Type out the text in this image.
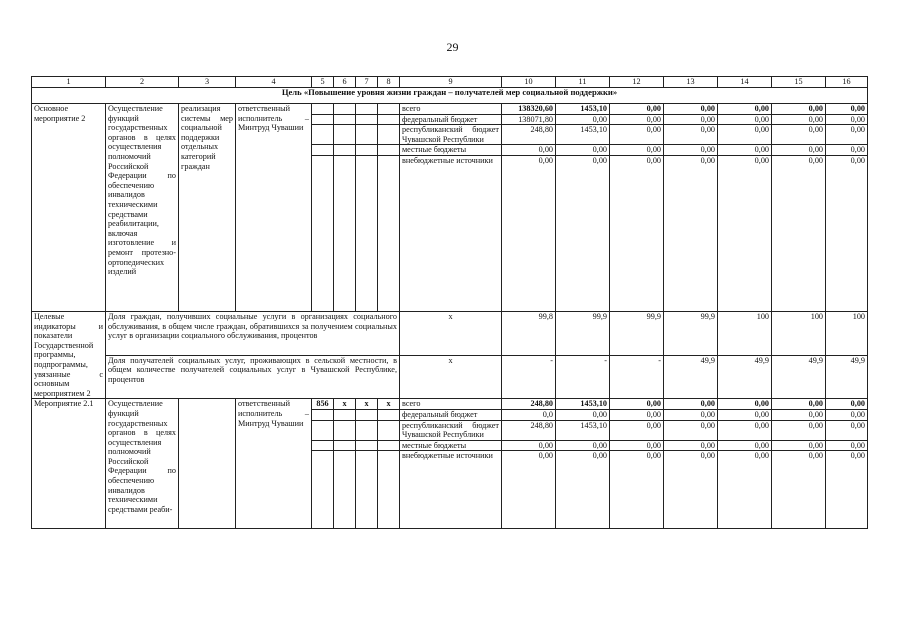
29
1	2	3	4	5	6	7	8	9	10	11	12	13	14	15	16
Цель «Повышение уровня жизни граждан – получателей мер социальной поддержки»															
Основное мероприятие 2	Осуществление функций государственных органов в целях осуществления полномочий Российской Федерации по обеспечению инвалидов техническими средствами реабилитации, включая изготовление и ремонт протезно-ортопедических изделий	реализация системы мер социальной поддержки отдельных категорий граждан	ответственный исполнитель – Минтруд Чувашии					всего	138320,60	1453,10	0,00	0,00	0,00	0,00	0,00
								федеральный бюджет	138071,80	0,00	0,00	0,00	0,00	0,00	0,00
								республиканский бюджет Чувашской Республики	248,80	1453,10	0,00	0,00	0,00	0,00	0,00
								местные бюджеты	0,00	0,00	0,00	0,00	0,00	0,00	0,00
								внебюджетные источники	0,00	0,00	0,00	0,00	0,00	0,00	0,00
Целевые индикаторы и показатели Государственной программы, подпрограммы, увязанные с основным мероприятием 2	Доля граждан, получивших социальные услуги в организациях социального обслуживания, в общем числе граждан, обратившихся за получением социальных услуг в организации социального обслуживания, процентов							x	99,8	99,9	99,9	99,9	100	100	100
	Доля получателей социальных услуг, проживающих в сельской местности, в общем количестве получателей социальных услуг в Чувашской Республике, процентов							x	-	-	-	49,9	49,9	49,9	49,9
Мероприятие 2.1	Осуществление функций государственных органов в целях осуществления полномочий Российской Федерации по обеспечению инвалидов техническими средствами реаби-		ответственный исполнитель – Минтруд Чувашии	856	x	x	x	всего	248,80	1453,10	0,00	0,00	0,00	0,00	0,00
								федеральный бюджет	0,0	0,00	0,00	0,00	0,00	0,00	0,00
								республиканский бюджет Чувашской Республики	248,80	1453,10	0,00	0,00	0,00	0,00	0,00
								местные бюджеты	0,00	0,00	0,00	0,00	0,00	0,00	0,00
								внебюджетные источники	0,00	0,00	0,00	0,00	0,00	0,00	0,00
